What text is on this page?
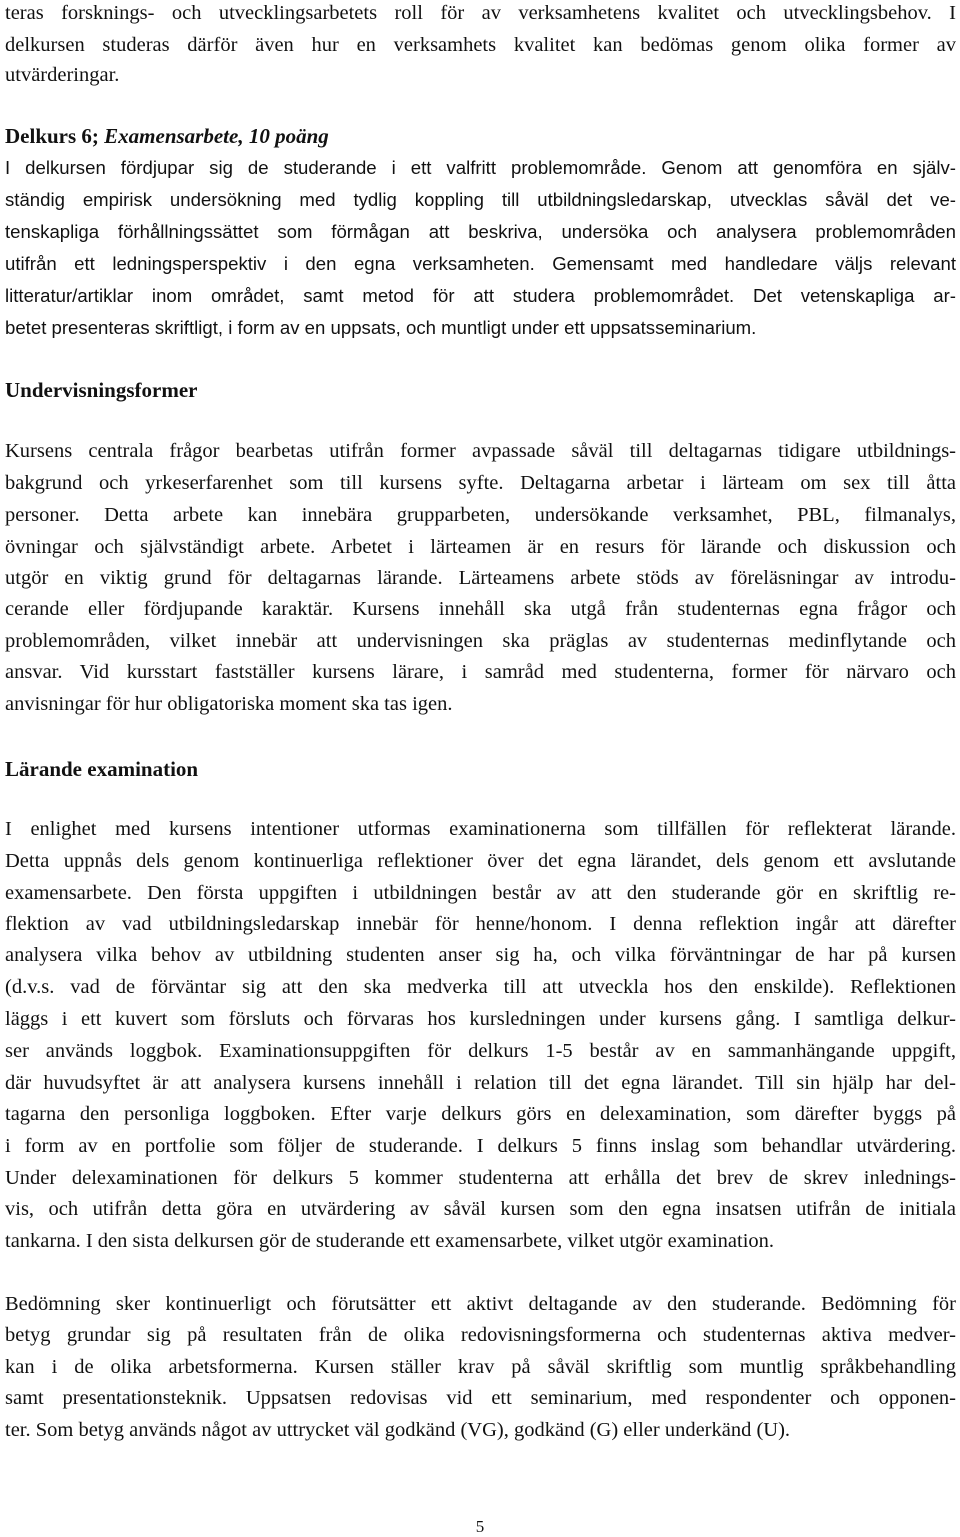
teras forsknings- och utvecklingsarbetets roll för av verksamhetens kvalitet och utvecklingsbehov. I
delkursen studeras därför även hur en verksamhets kvalitet kan bedömas genom olika former av
utvärderingar.
Delkurs 6; Examensarbete, 10 poäng
I delkursen fördjupar sig de studerande i ett valfritt problemområde. Genom att genomföra en själv-
ständig empirisk undersökning med tydlig koppling till utbildningsledarskap, utvecklas såväl det ve-
tenskapliga förhållningssättet som förmågan att beskriva, undersöka och analysera problemområden
utifrån ett ledningsperspektiv i den egna verksamheten. Gemensamt med handledare väljs relevant
litteratur/artiklar inom området, samt metod för att studera problemområdet. Det vetenskapliga ar-
betet presenteras skriftligt, i form av en uppsats, och muntligt under ett uppsatsseminarium.
Undervisningsformer
Kursens centrala frågor bearbetas utifrån former avpassade såväl till deltagarnas tidigare utbildnings-
bakgrund och yrkeserfarenhet som till kursens syfte. Deltagarna arbetar i lärteam om sex till åtta
personer. Detta arbete kan innebära grupparbeten, undersökande verksamhet, PBL, filmanalys,
övningar och självständigt arbete. Arbetet i lärteamen är en resurs för lärande och diskussion och
utgör en viktig grund för deltagarnas lärande. Lärteamens arbete stöds av föreläsningar av introdu-
cerande eller fördjupande karaktär. Kursens innehåll ska utgå från studenternas egna frågor och
problemområden, vilket innebär att undervisningen ska präglas av studenternas medinflytande och
ansvar. Vid kursstart fastställer kursens lärare, i samråd med studenterna, former för närvaro och
anvisningar för hur obligatoriska moment ska tas igen.
Lärande examination
I enlighet med kursens intentioner utformas examinationerna som tillfällen för reflekterat lärande.
Detta uppnås dels genom kontinuerliga reflektioner över det egna lärandet, dels genom ett avslutande
examensarbete. Den första uppgiften i utbildningen består av att den studerande gör en skriftlig re-
flektion av vad utbildningsledarskap innebär för henne/honom. I denna reflektion ingår att därefter
analysera vilka behov av utbildning studenten anser sig ha, och vilka förväntningar de har på kursen
(d.v.s. vad de förväntar sig att den ska medverka till att utveckla hos den enskilde). Reflektionen
läggs i ett kuvert som försluts och förvaras hos kursledningen under kursens gång. I samtliga delkur-
ser används loggbok. Examinationsuppgiften för delkurs 1-5 består av en sammanhängande uppgift,
där huvudsyftet är att analysera kursens innehåll i relation till det egna lärandet. Till sin hjälp har del-
tagarna den personliga loggboken. Efter varje delkurs görs en delexamination, som därefter byggs på
i form av en portfolie som följer de studerande. I delkurs 5 finns inslag som behandlar utvärdering.
Under delexaminationen för delkurs 5 kommer studenterna att erhålla det brev de skrev inlednings-
vis, och utifrån detta göra en utvärdering av såväl kursen som den egna insatsen utifrån de initiala
tankarna. I den sista delkursen gör de studerande ett examensarbete, vilket utgör examination.
Bedömning sker kontinuerligt och förutsätter ett aktivt deltagande av den studerande. Bedömning för
betyg grundar sig på resultaten från de olika redovisningsformerna och studenternas aktiva medver-
kan i de olika arbetsformerna. Kursen ställer krav på såväl skriftlig som muntlig språkbehandling
samt presentationsteknik. Uppsatsen redovisas vid ett seminarium, med respondenter och opponen-
ter. Som betyg används något av uttrycket väl godkänd (VG), godkänd (G) eller underkänd (U).
5
